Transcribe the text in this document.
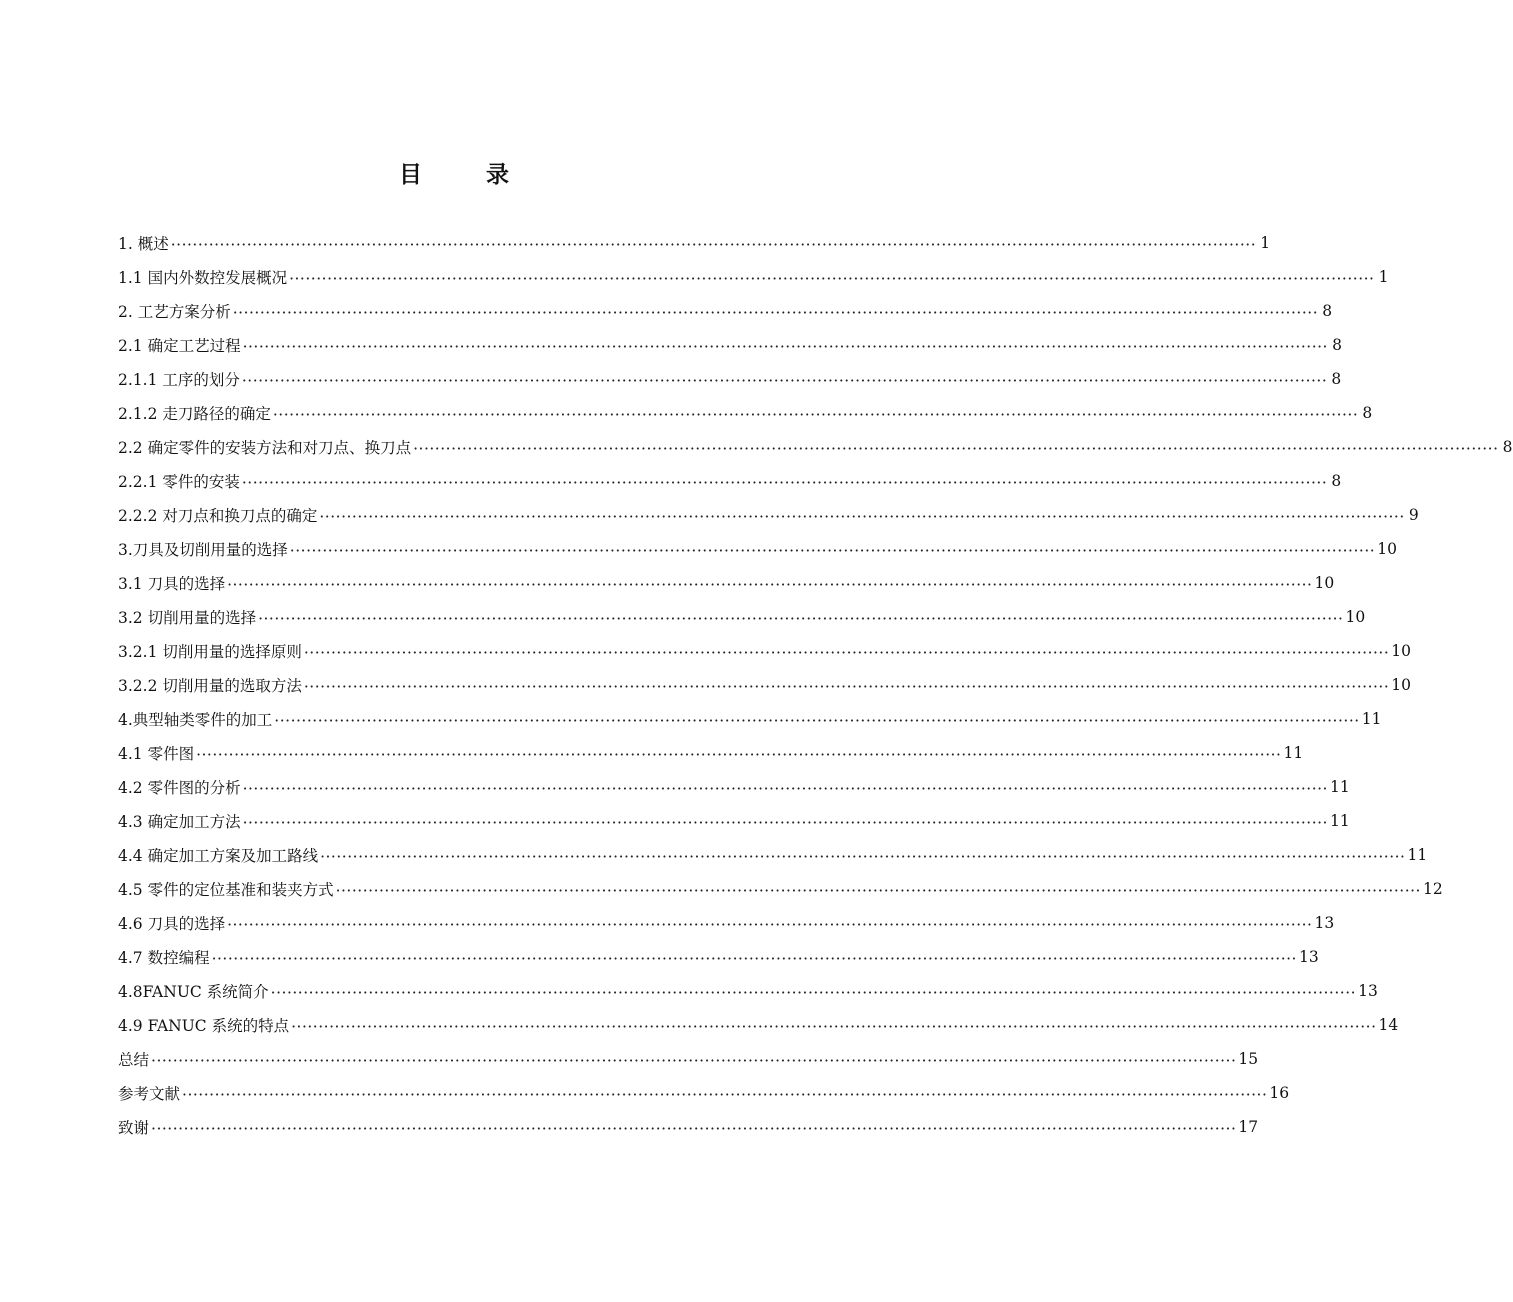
目 录
1. 概述 ········································································································································································································ 1
1.1 国内外数控发展概况 ········································································································································································································ 1
2. 工艺方案分析 ········································································································································································································ 8
2.1 确定工艺过程 ········································································································································································································ 8
2.1.1 工序的划分 ········································································································································································································ 8
2.1.2 走刀路径的确定 ········································································································································································································ 8
2.2 确定零件的安装方法和对刀点、换刀点 ········································································································································································································ 8
2.2.1 零件的安装 ········································································································································································································ 8
2.2.2 对刀点和换刀点的确定 ········································································································································································································ 9
3.刀具及切削用量的选择 ········································································································································································································ 10
3.1 刀具的选择 ········································································································································································································ 10
3.2 切削用量的选择 ········································································································································································································ 10
3.2.1 切削用量的选择原则 ········································································································································································································ 10
3.2.2 切削用量的选取方法 ········································································································································································································ 10
4.典型轴类零件的加工 ········································································································································································································ 11
4.1 零件图 ········································································································································································································ 11
4.2 零件图的分析 ········································································································································································································ 11
4.3 确定加工方法 ········································································································································································································ 11
4.4 确定加工方案及加工路线 ········································································································································································································ 11
4.5 零件的定位基准和装夹方式 ········································································································································································································ 12
4.6 刀具的选择 ········································································································································································································ 13
4.7 数控编程 ········································································································································································································ 13
4.8FANUC 系统简介 ········································································································································································································ 13
4.9 FANUC 系统的特点 ········································································································································································································ 14
总结 ········································································································································································································ 15
参考文献 ········································································································································································································ 16
致谢 ········································································································································································································ 17
